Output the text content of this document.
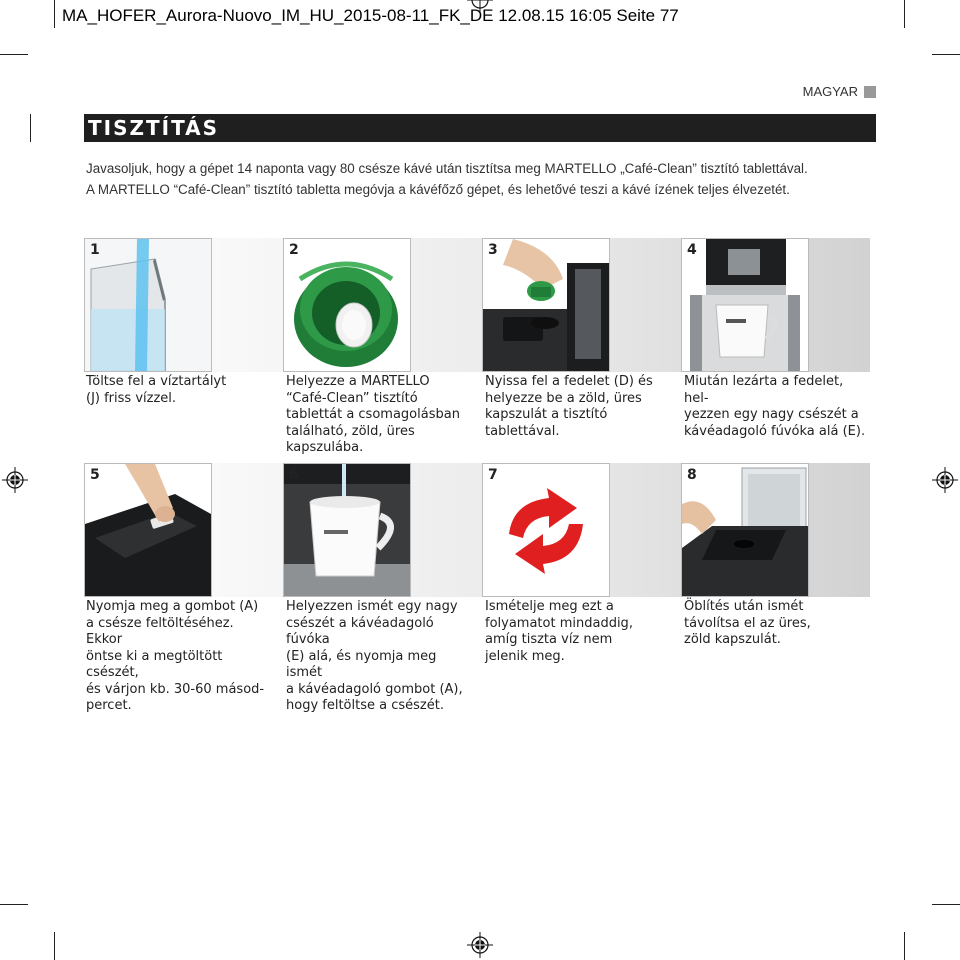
MA_HOFER_Aurora-Nuovo_IM_HU_2015-08-11_FK_DE 12.08.15 16:05 Seite 77
MAGYAR
TISZTÍTÁS

Javasoljuk, hogy a gépet 14 naponta vagy 80 csésze kávé után tisztítsa meg MARTELLO „Café-Clean” tisztító tablettával.

A MARTELLO “Café-Clean” tisztító tabletta megóvja a kávéfőző gépet, és lehetővé teszi a kávé ízének teljes élvezetét.

1

Töltse fel a víztartályt

(J) friss vízzel.

2

Helyezze a MARTELLO

“Café-Clean” tisztító

tablettát a csomagolásban

található, zöld, üres

kapszulába.

3

Nyissa fel a fedelet (D) és

helyezze be a zöld, üres

kapszulát a tisztító

tablettával.

4

Miután lezárta a fedelet, hel-

yezzen egy nagy csészét a

kávéadagoló fúvóka alá (E).

5

Nyomja meg a gombot (A)

a csésze feltöltéséhez. Ekkor

öntse ki a megtöltött csészét,

és várjon kb. 30-60 másod-

percet.

6

Helyezzen ismét egy nagy

csészét a kávéadagoló fúvóka

(E) alá, és nyomja meg ismét

a kávéadagoló gombot (A),

hogy feltöltse a csészét.

7

Ismételje meg ezt a

folyamatot mindaddig,

amíg tiszta víz nem

jelenik meg.

8

Öblítés után ismét

távolítsa el az üres,

zöld kapszulát.
